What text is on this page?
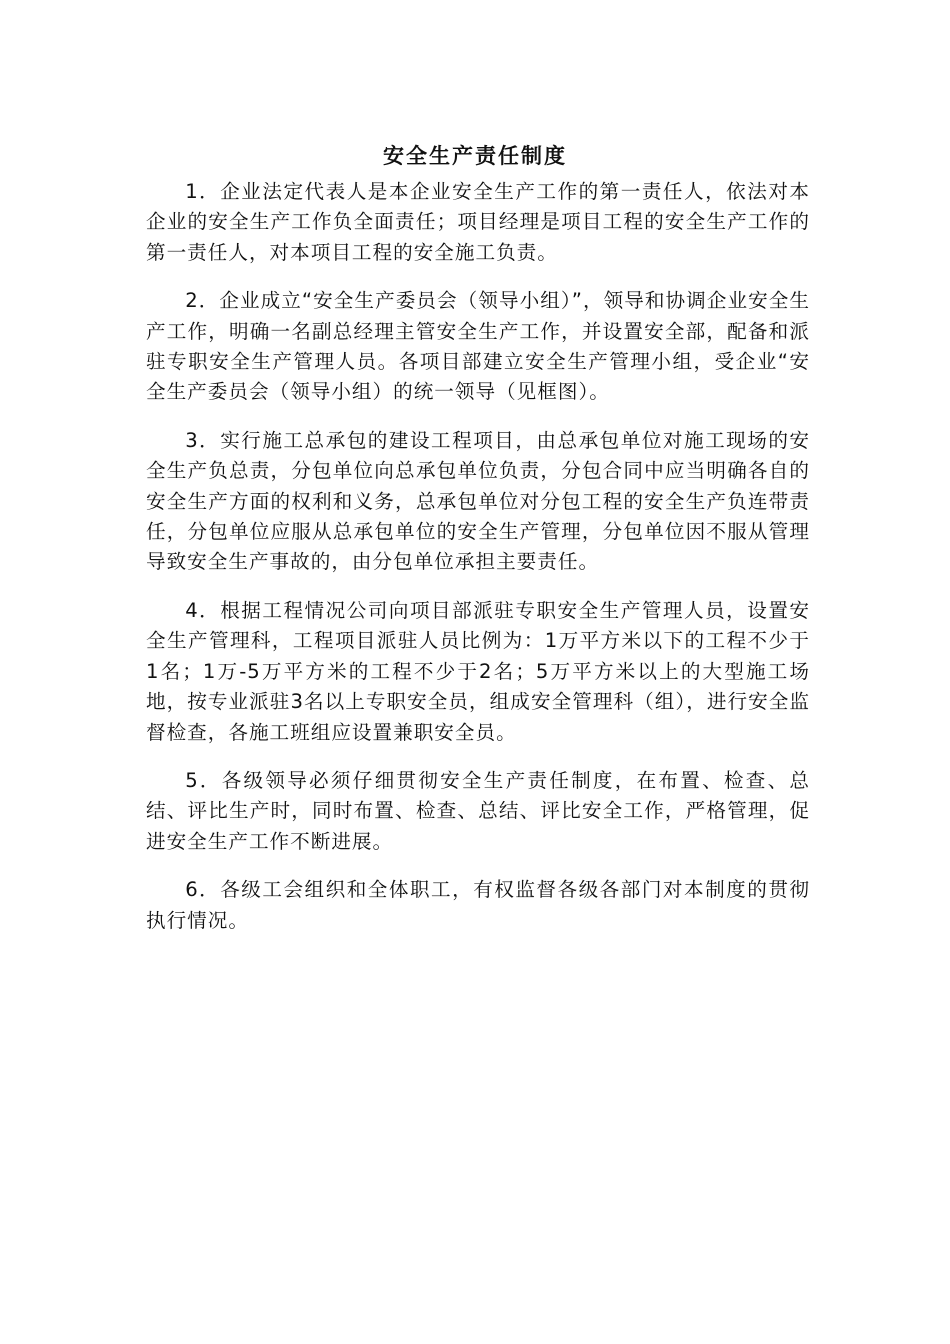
安全生产责任制度

1．企业法定代表人是本企业安全生产工作的第一责任人，依法对本企业的安全生产工作负全面责任；项目经理是项目工程的安全生产工作的第一责任人，对本项目工程的安全施工负责。

2．企业成立“安全生产委员会（领导小组）”，领导和协调企业安全生产工作，明确一名副总经理主管安全生产工作，并设置安全部，配备和派驻专职安全生产管理人员。各项目部建立安全生产管理小组，受企业“安全生产委员会（领导小组）的统一领导（见框图）。

3．实行施工总承包的建设工程项目，由总承包单位对施工现场的安全生产负总责，分包单位向总承包单位负责，分包合同中应当明确各自的安全生产方面的权利和义务，总承包单位对分包工程的安全生产负连带责任，分包单位应服从总承包单位的安全生产管理，分包单位因不服从管理导致安全生产事故的，由分包单位承担主要责任。

4．根据工程情况公司向项目部派驻专职安全生产管理人员，设置安全生产管理科，工程项目派驻人员比例为：1万平方米以下的工程不少于1名；1万-5万平方米的工程不少于2名；5万平方米以上的大型施工场地，按专业派驻3名以上专职安全员，组成安全管理科（组），进行安全监督检查，各施工班组应设置兼职安全员。

5．各级领导必须仔细贯彻安全生产责任制度，在布置、检查、总结、评比生产时，同时布置、检查、总结、评比安全工作，严格管理，促进安全生产工作不断进展。

6．各级工会组织和全体职工，有权监督各级各部门对本制度的贯彻执行情况。
